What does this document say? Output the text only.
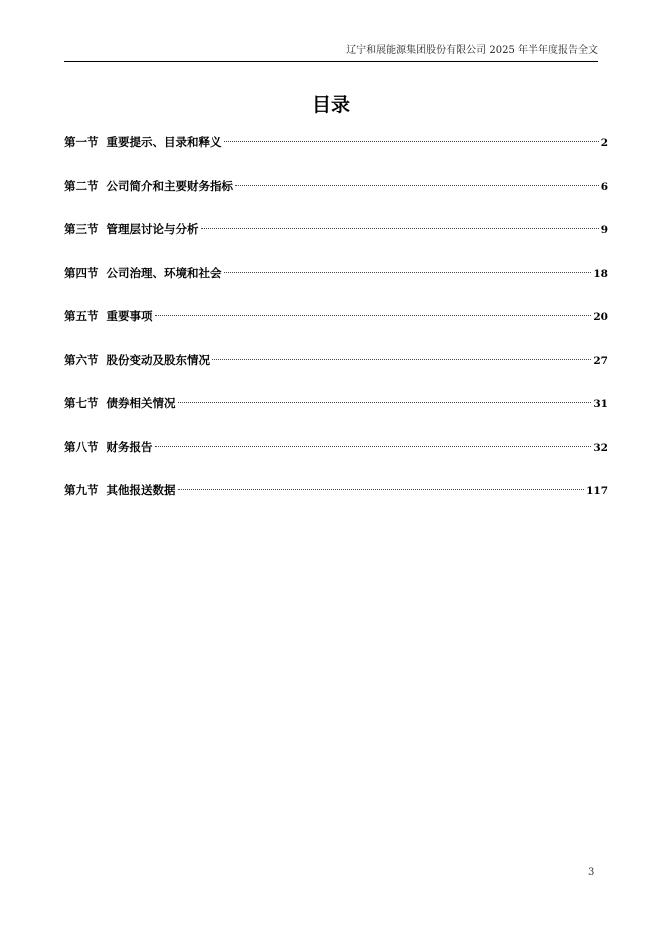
辽宁和展能源集团股份有限公司 2025 年半年度报告全文
目录
第一节 重要提示、目录和释义	2
第二节 公司简介和主要财务指标	6
第三节 管理层讨论与分析	9
第四节 公司治理、环境和社会	18
第五节 重要事项	20
第六节 股份变动及股东情况	27
第七节 债券相关情况	31
第八节 财务报告	32
第九节 其他报送数据	117
3
